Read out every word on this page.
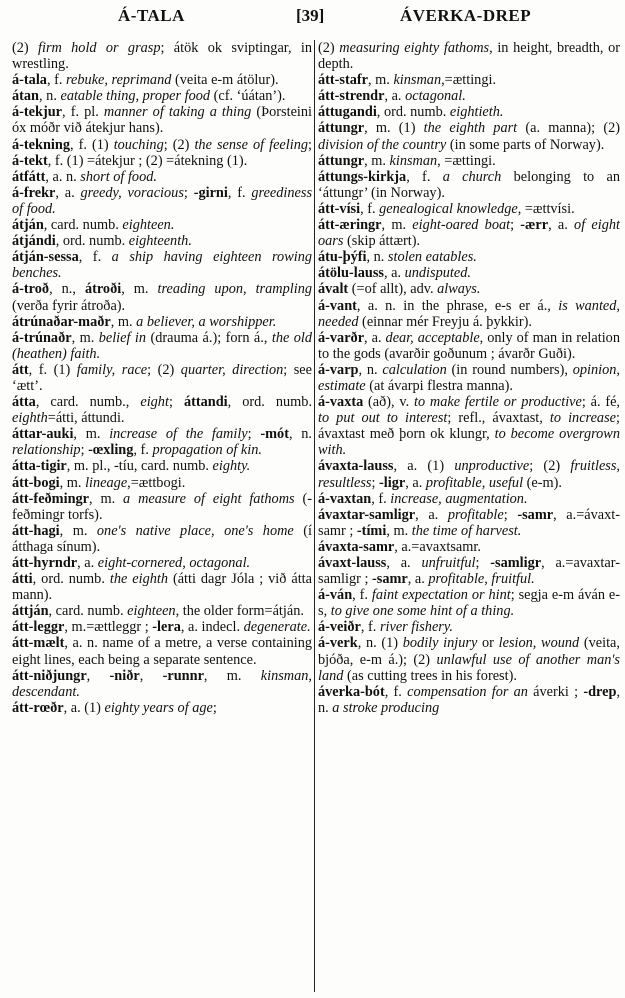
Á-TALA	[39]	ÁVERKA-DREP

(2) firm hold or grasp; átök ok sviptingar, in wrestling.

á-tala, f. rebuke, reprimand (veita e-m átölur).

átan, n. eatable thing, proper food (cf. ‘úátan’).

á-tekjur, f. pl. manner of taking a thing (Þorsteini óx móðr við átekjur hans).

á-tekning, f. (1) touching; (2) the sense of feeling; á-tekt, f. (1) =átekjur ; (2) =átekning (1).

átfátt, a. n. short of food.

á-frekr, a. greedy, voracious; -girni, f. greediness of food.

átján, card. numb. eighteen.

átjándi, ord. numb. eighteenth.

átján-sessa, f. a ship having eighteen rowing benches.

á-troð, n., átroði, m. treading upon, trampling (verða fyrir átroða).

átrúnaðar-maðr, m. a believer, a worshipper.

á-trúnaðr, m. belief in (drauma á.); forn á., the old (heathen) faith.

átt, f. (1) family, race; (2) quarter, direction; see ‘ætt’.

átta, card. numb., eight; áttandi, ord. numb. eighth=átti, áttundi.

áttar-auki, m. increase of the family; -mót, n. relationship; -œxling, f. propagation of kin.

átta-tigir, m. pl., -tíu, card. numb. eighty.

átt-bogi, m. lineage,=ættbogi.

átt-feðmingr, m. a measure of eight fathoms (-feðmingr torfs).

átt-hagi, m. one's native place, one's home (í átthaga sínum).

átt-hyrndr, a. eight-cornered, octagonal.

átti, ord. numb. the eighth (átti dagr Jóla ; við átta mann).

áttján, card. numb. eighteen, the older form=átján.

átt-leggr, m.=ættleggr ; -lera, a. indecl. degenerate.

átt-mælt, a. n. name of a metre, a verse containing eight lines, each being a separate sentence.

átt-niðjungr, -niðr, -runnr, m. kinsman, descendant.

átt-rœðr, a. (1) eighty years of age;

(2) measuring eighty fathoms, in height, breadth, or depth.

átt-stafr, m. kinsman,=ættingi.

átt-strendr, a. octagonal.

áttugandi, ord. numb. eightieth.

áttungr, m. (1) the eighth part (a. manna); (2) division of the country (in some parts of Norway).

áttungr, m. kinsman, =ættingi.

áttungs-kirkja, f. a church belonging to an ‘áttungr’ (in Norway).

átt-vísi, f. genealogical knowledge, =ættvísi.

átt-æringr, m. eight-oared boat; -ærr, a. of eight oars (skip áttært).

átu-þýfi, n. stolen eatables.

átölu-lauss, a. undisputed.

ávalt (=of allt), adv. always.

á-vant, a. n. in the phrase, e-s er á., is wanted, needed (einnar mér Freyju á. þykkir).

á-varðr, a. dear, acceptable, only of man in relation to the gods (avarðir goðunum ; ávarðr Guði).

á-varp, n. calculation (in round numbers), opinion, estimate (at ávarpi flestra manna).

á-vaxta (að), v. to make fertile or productive; á. fé, to put out to interest; refl., ávaxtast, to increase; ávaxtast með þorn ok klungr, to become overgrown with.

ávaxta-lauss, a. (1) unproductive; (2) fruitless, resultless; -ligr, a. profitable, useful (e-m).

á-vaxtan, f. increase, augmentation.

ávaxtar-samligr, a. profitable; -samr, a.=ávaxt-samr ; -tími, m. the time of harvest.

ávaxta-samr, a.=avaxtsamr.

ávaxt-lauss, a. unfruitful; -samligr, a.=avaxtar-samligr ; -samr, a. profitable, fruitful.

á-ván, f. faint expectation or hint; segja e-m áván e-s, to give one some hint of a thing.

á-veiðr, f. river fishery.

á-verk, n. (1) bodily injury or lesion, wound (veita, bjóða, e-m á.); (2) unlawful use of another man's land (as cutting trees in his forest).

áverka-bót, f. compensation for an áverki ; -drep, n. a stroke producing
